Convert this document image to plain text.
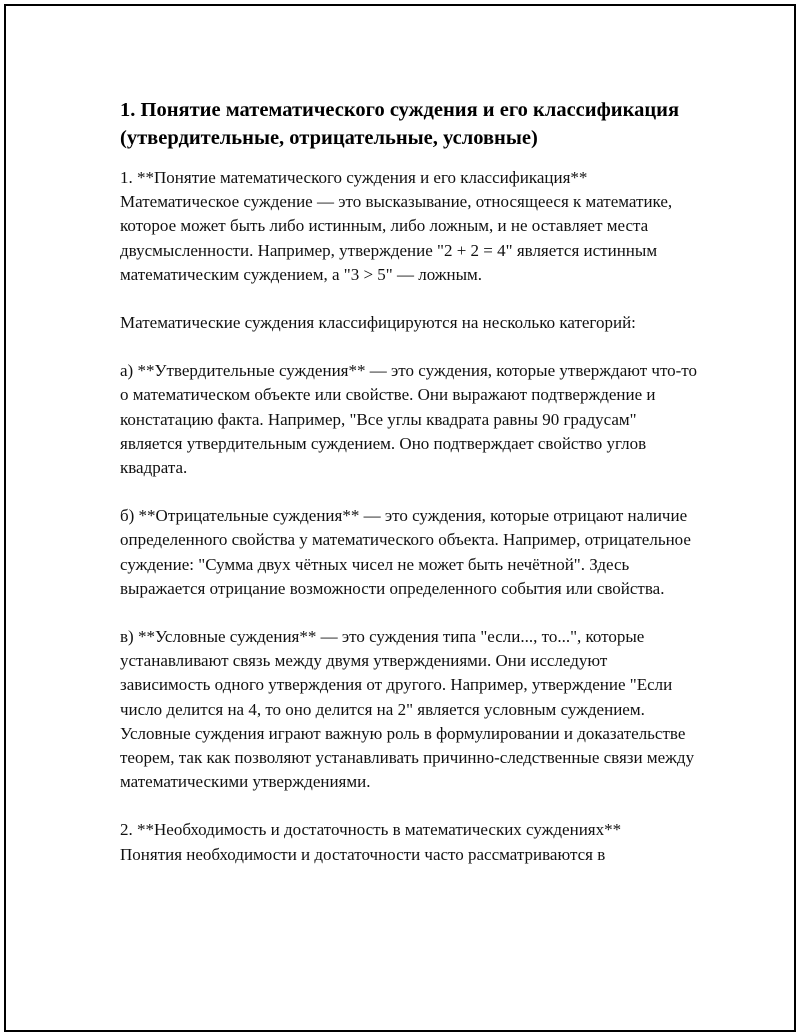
1. Понятие математического суждения и его классификация (утвердительные, отрицательные, условные)

1. **Понятие математического суждения и его классификация**
Математическое суждение — это высказывание, относящееся к математике, которое может быть либо истинным, либо ложным, и не оставляет места двусмысленности. Например, утверждение "2 + 2 = 4" является истинным математическим суждением, а "3 > 5" — ложным.

Математические суждения классифицируются на несколько категорий:

а) **Утвердительные суждения** — это суждения, которые утверждают что-то о математическом объекте или свойстве. Они выражают подтверждение и констатацию факта. Например, "Все углы квадрата равны 90 градусам" является утвердительным суждением. Оно подтверждает свойство углов квадрата.

б) **Отрицательные суждения** — это суждения, которые отрицают наличие определенного свойства у математического объекта. Например, отрицательное суждение: "Сумма двух чётных чисел не может быть нечётной". Здесь выражается отрицание возможности определенного события или свойства.

в) **Условные суждения** — это суждения типа "если..., то...", которые устанавливают связь между двумя утверждениями. Они исследуют зависимость одного утверждения от другого. Например, утверждение "Если число делится на 4, то оно делится на 2" является условным суждением. Условные суждения играют важную роль в формулировании и доказательстве теорем, так как позволяют устанавливать причинно-следственные связи между математическими утверждениями.

2. **Необходимость и достаточность в математических суждениях**
Понятия необходимости и достаточности часто рассматриваются в
